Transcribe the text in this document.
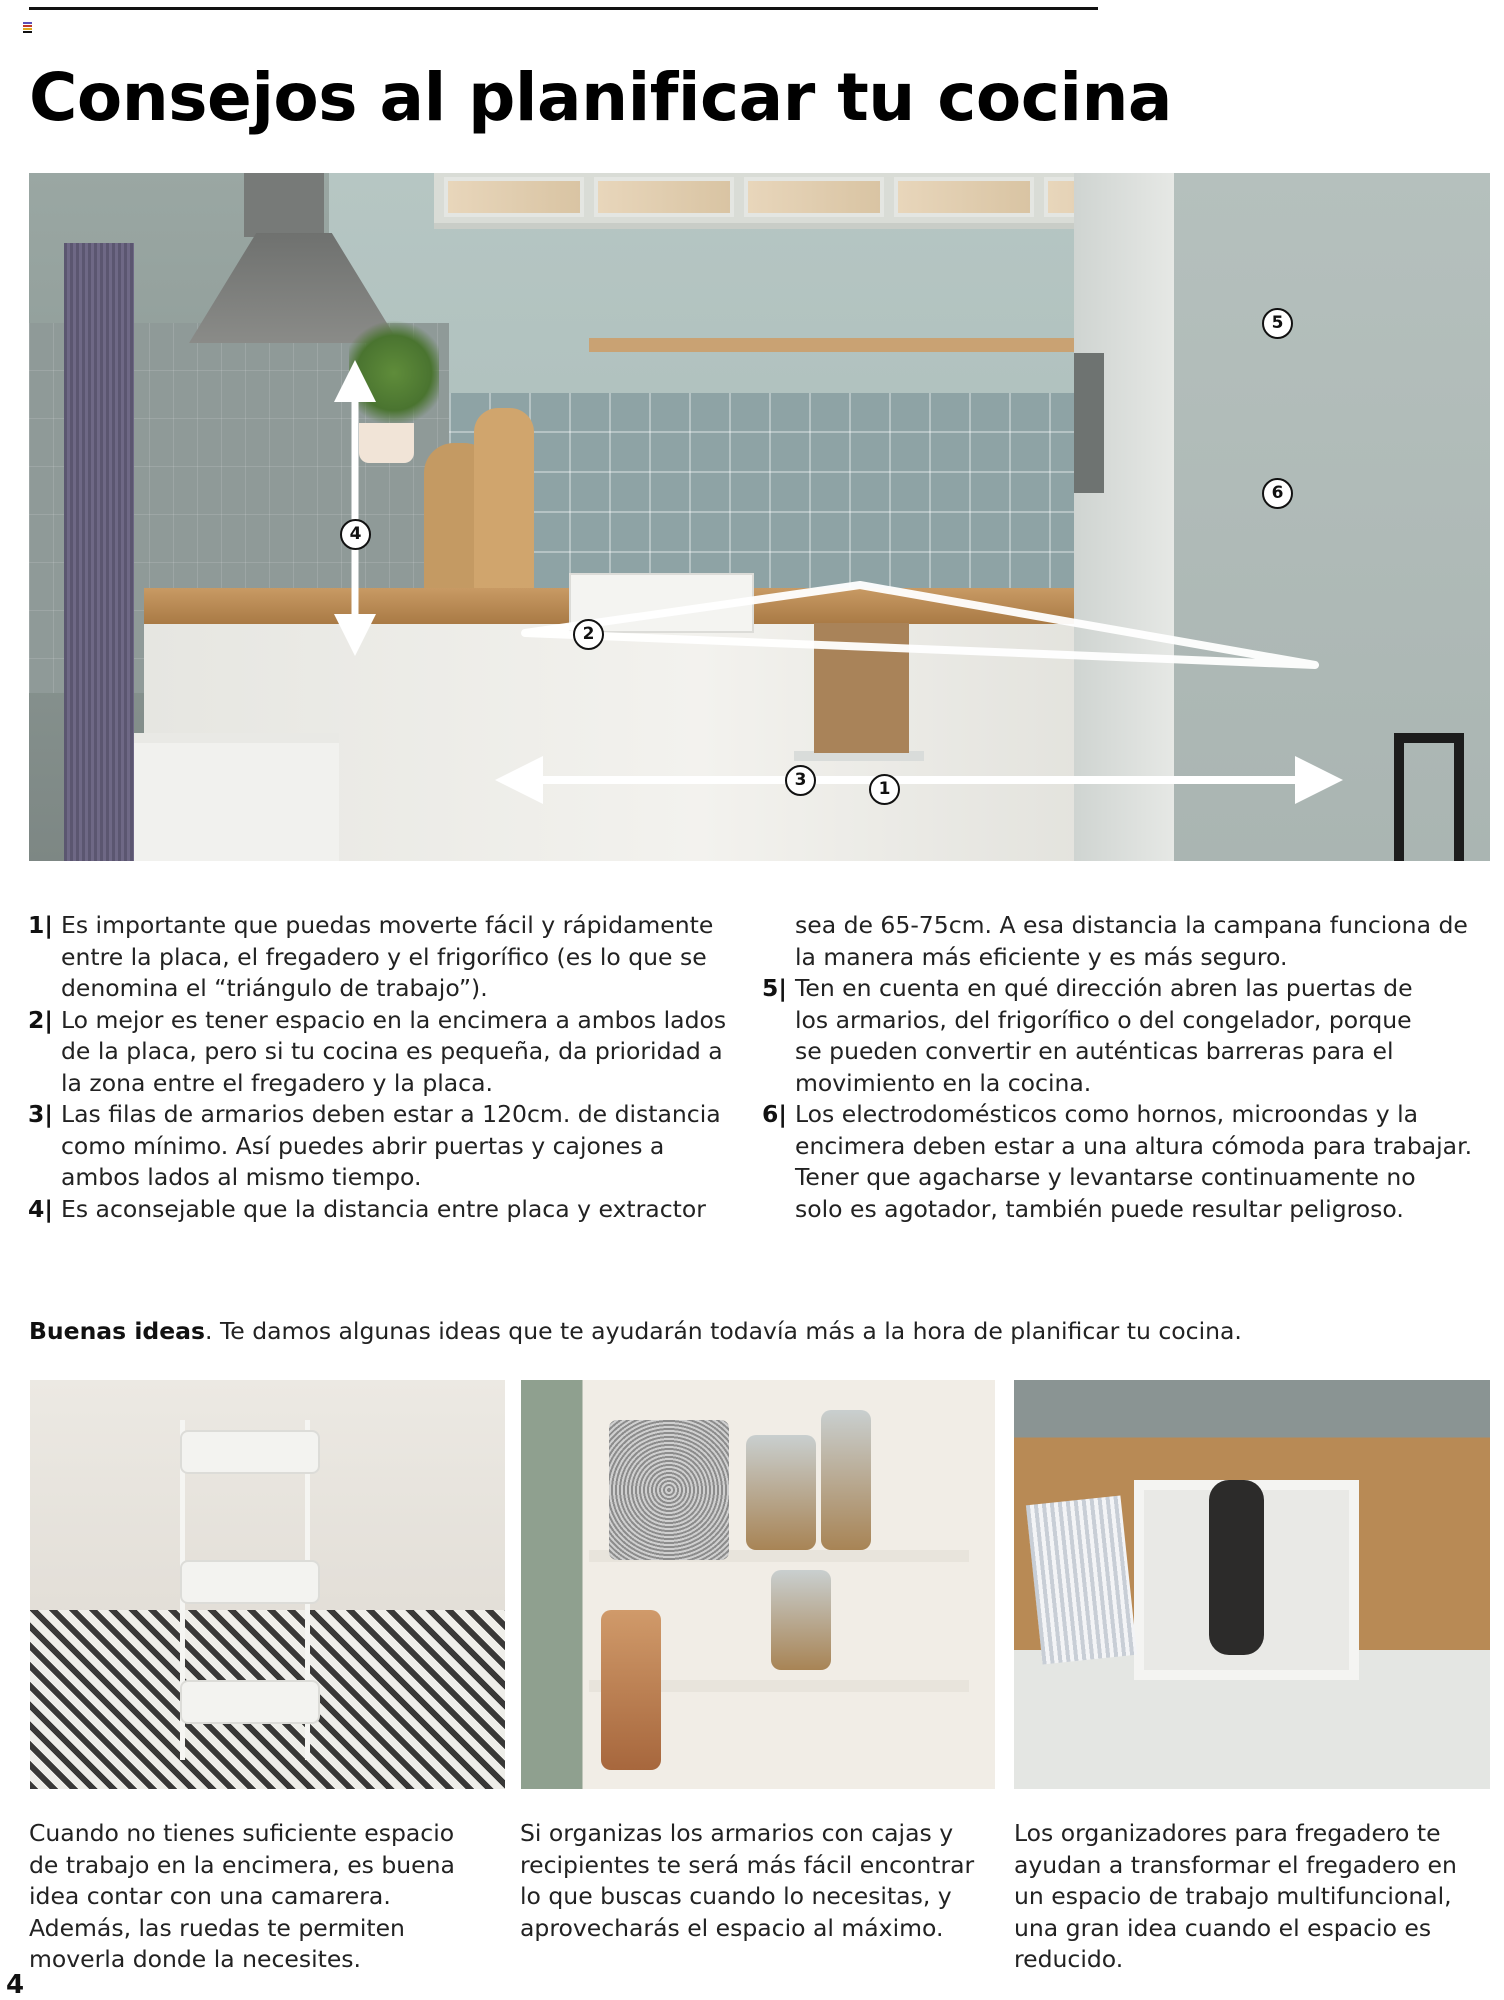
Consejos al planificar tu cocina
1
2
3
4
5
6
1| Es importante que puedas moverte fácil y rápidamente
entre la placa, el fregadero y el frigorífico (es lo que se
denomina el “triángulo de trabajo”).
2| Lo mejor es tener espacio en la encimera a ambos lados
de la placa, pero si tu cocina es pequeña, da prioridad a
la zona entre el fregadero y la placa.
3| Las filas de armarios deben estar a 120cm. de distancia
como mínimo. Así puedes abrir puertas y cajones a
ambos lados al mismo tiempo.
4| Es aconsejable que la distancia entre placa y extractor
sea de 65-75cm. A esa distancia la campana funciona de
la manera más eficiente y es más seguro.
5| Ten en cuenta en qué dirección abren las puertas de
los armarios, del frigorífico o del congelador, porque
se pueden convertir en auténticas barreras para el
movimiento en la cocina.
6| Los electrodomésticos como hornos, microondas y la
encimera deben estar a una altura cómoda para trabajar.
Tener que agacharse y levantarse continuamente no
solo es agotador, también puede resultar peligroso.

Buenas ideas. Te damos algunas ideas que te ayudarán todavía más a la hora de planificar tu cocina.

Cuando no tienes suficiente espacio
de trabajo en la encimera, es buena
idea contar con una camarera.
Además, las ruedas te permiten
moverla donde la necesites.
Si organizas los armarios con cajas y
recipientes te será más fácil encontrar
lo que buscas cuando lo necesitas, y
aprovecharás el espacio al máximo.
Los organizadores para fregadero te
ayudan a transformar el fregadero en
un espacio de trabajo multifuncional,
una gran idea cuando el espacio es
reducido.
4
